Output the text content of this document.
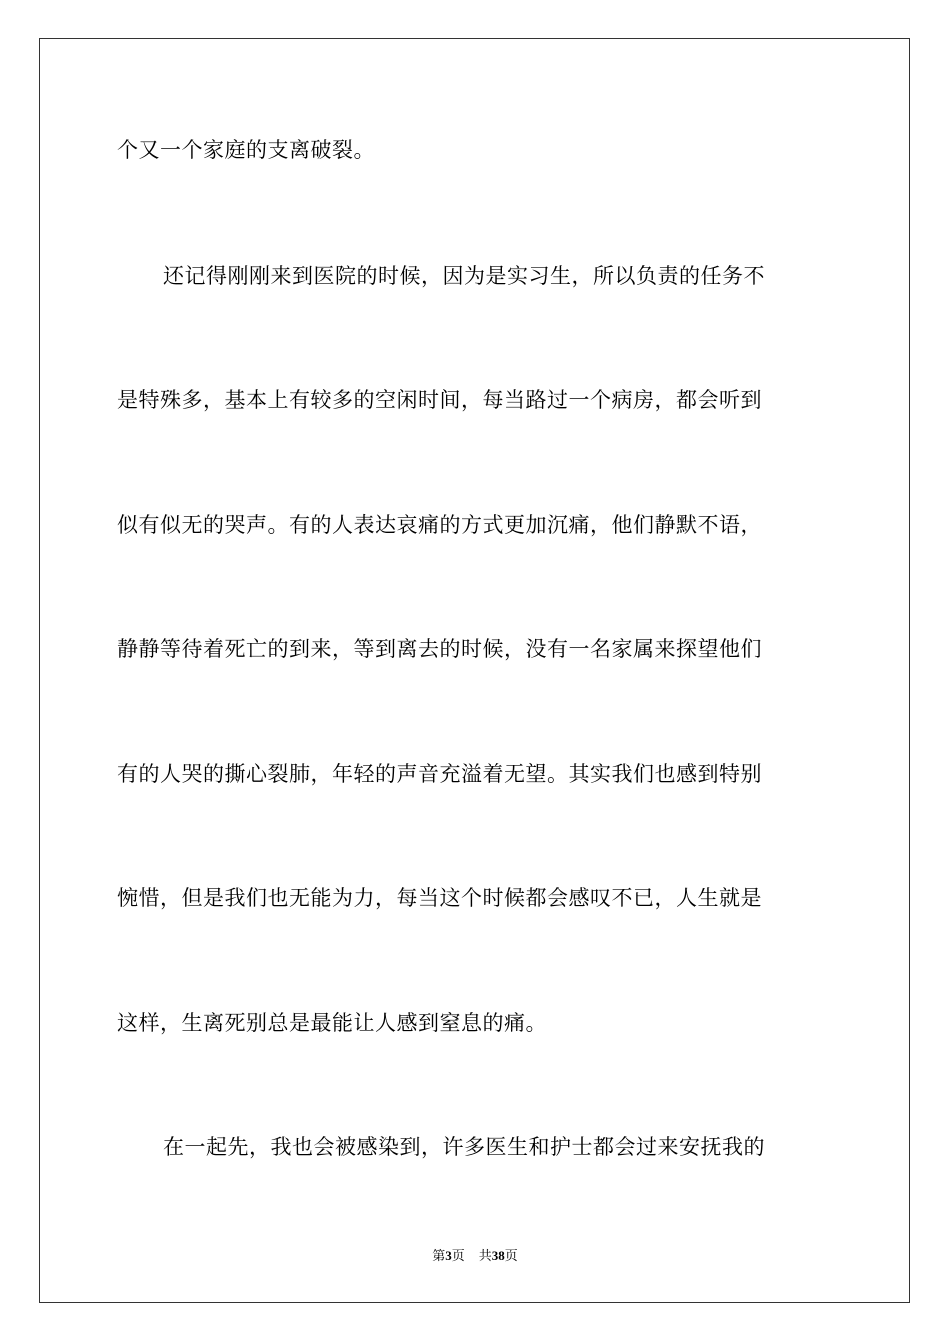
个又一个家庭的支离破裂。
还记得刚刚来到医院的时候，因为是实习生，所以负责的任务不
是特殊多，基本上有较多的空闲时间，每当路过一个病房，都会听到
似有似无的哭声。有的人表达哀痛的方式更加沉痛，他们静默不语，
静静等待着死亡的到来，等到离去的时候，没有一名家属来探望他们
有的人哭的撕心裂肺，年轻的声音充溢着无望。其实我们也感到特别
惋惜，但是我们也无能为力，每当这个时候都会感叹不已，人生就是
这样，生离死别总是最能让人感到窒息的痛。
在一起先，我也会被感染到，许多医生和护士都会过来安抚我的
第3页 共38页
